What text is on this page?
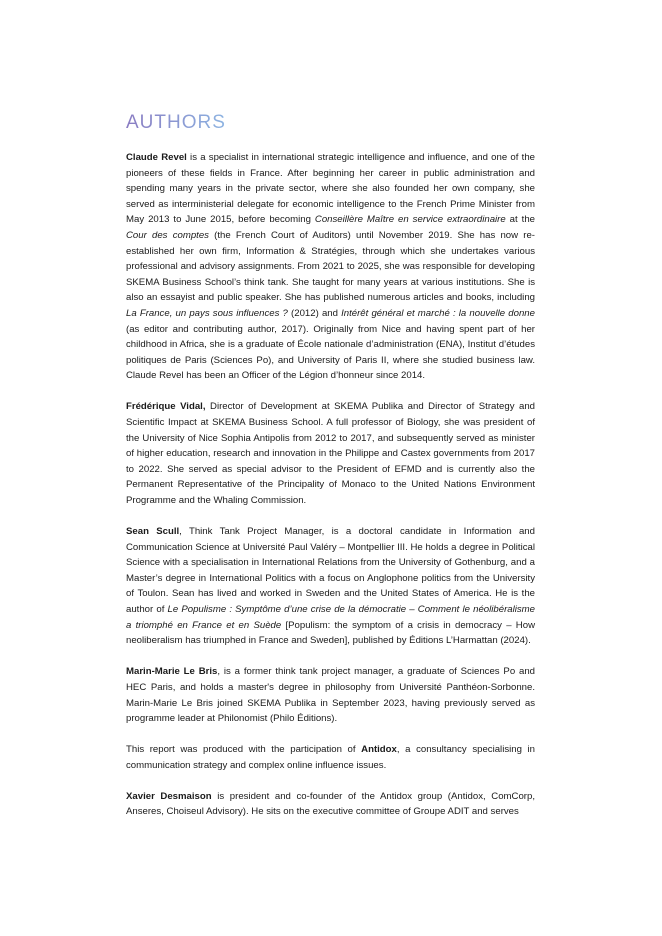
AUTHORS

Claude Revel is a specialist in international strategic intelligence and influence, and one of the pioneers of these fields in France. After beginning her career in public administration and spending many years in the private sector, where she also founded her own company, she served as interministerial delegate for economic intelligence to the French Prime Minister from May 2013 to June 2015, before becoming Conseillère Maître en service extraordinaire at the Cour des comptes (the French Court of Auditors) until November 2019. She has now re-established her own firm, Information & Stratégies, through which she undertakes various professional and advisory assignments. From 2021 to 2025, she was responsible for developing SKEMA Business School’s think tank. She taught for many years at various institutions. She is also an essayist and public speaker. She has published numerous articles and books, including La France, un pays sous influences ? (2012) and Intérêt général et marché : la nouvelle donne (as editor and contributing author, 2017). Originally from Nice and having spent part of her childhood in Africa, she is a graduate of École nationale d’administration (ENA), Institut d’études politiques de Paris (Sciences Po), and University of Paris II, where she studied business law. Claude Revel has been an Officer of the Légion d’honneur since 2014.

Frédérique Vidal, Director of Development at SKEMA Publika and Director of Strategy and Scientific Impact at SKEMA Business School. A full professor of Biology, she was president of the University of Nice Sophia Antipolis from 2012 to 2017, and subsequently served as minister of higher education, research and innovation in the Philippe and Castex governments from 2017 to 2022. She served as special advisor to the President of EFMD and is currently also the Permanent Representative of the Principality of Monaco to the United Nations Environment Programme and the Whaling Commission.

Sean Scull, Think Tank Project Manager, is a doctoral candidate in Information and Communication Science at Université Paul Valéry – Montpellier III. He holds a degree in Political Science with a specialisation in International Relations from the University of Gothenburg, and a Master’s degree in International Politics with a focus on Anglophone politics from the University of Toulon. Sean has lived and worked in Sweden and the United States of America. He is the author of Le Populisme : Symptôme d’une crise de la démocratie – Comment le néolibéralisme a triomphé en France et en Suède [Populism: the symptom of a crisis in democracy – How neoliberalism has triumphed in France and Sweden], published by Éditions L’Harmattan (2024).

Marin-Marie Le Bris, is a former think tank project manager, a graduate of Sciences Po and HEC Paris, and holds a master's degree in philosophy from Université Panthéon-Sorbonne. Marin-Marie Le Bris joined SKEMA Publika in September 2023, having previously served as programme leader at Philonomist (Philo Éditions).

This report was produced with the participation of Antidox, a consultancy specialising in communication strategy and complex online influence issues.

Xavier Desmaison is president and co-founder of the Antidox group (Antidox, ComCorp, Anseres, Choiseul Advisory). He sits on the executive committee of Groupe ADIT and serves
